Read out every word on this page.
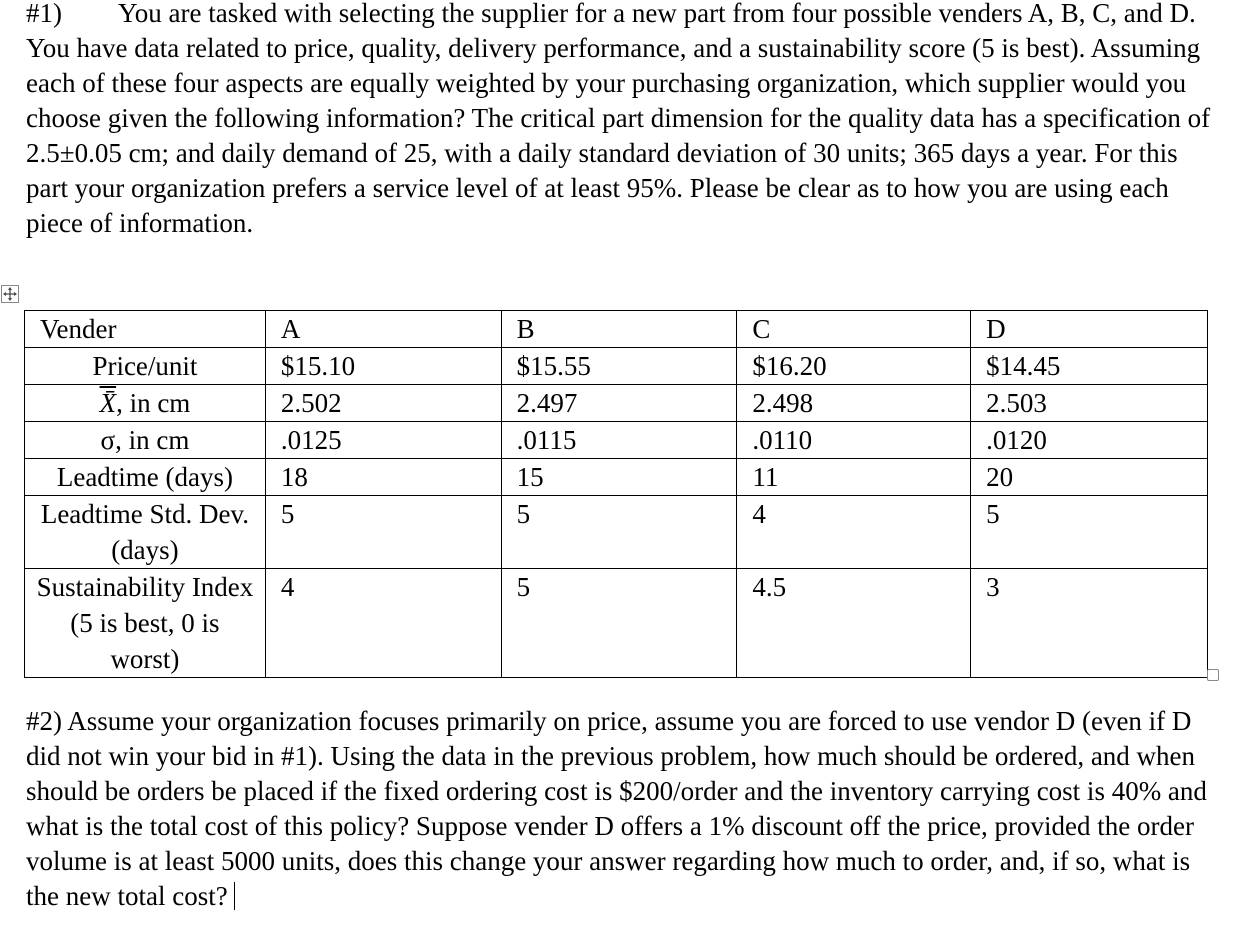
#1) You are tasked with selecting the supplier for a new part from four possible venders A, B, C, and D. You have data related to price, quality, delivery performance, and a sustainability score (5 is best). Assuming each of these four aspects are equally weighted by your purchasing organization, which supplier would you choose given the following information? The critical part dimension for the quality data has a specification of 2.5±0.05 cm; and daily demand of 25, with a daily standard deviation of 30 units; 365 days a year. For this part your organization prefers a service level of at least 95%. Please be clear as to how you are using each piece of information.

Vender	A	B	C	D
Price/unit	$15.10	$15.55	$16.20	$14.45
X̄, in cm	2.502	2.497	2.498	2.503
σ, in cm	.0125	.0115	.0110	.0120
Leadtime (days)	18	15	11	20
Leadtime Std. Dev. (days)	5	5	4	5
Sustainability Index (5 is best, 0 is worst)	4	5	4.5	3

#2) Assume your organization focuses primarily on price, assume you are forced to use vendor D (even if D did not win your bid in #1). Using the data in the previous problem, how much should be ordered, and when should be orders be placed if the fixed ordering cost is $200/order and the inventory carrying cost is 40% and what is the total cost of this policy? Suppose vender D offers a 1% discount off the price, provided the order volume is at least 5000 units, does this change your answer regarding how much to order, and, if so, what is the new total cost?
